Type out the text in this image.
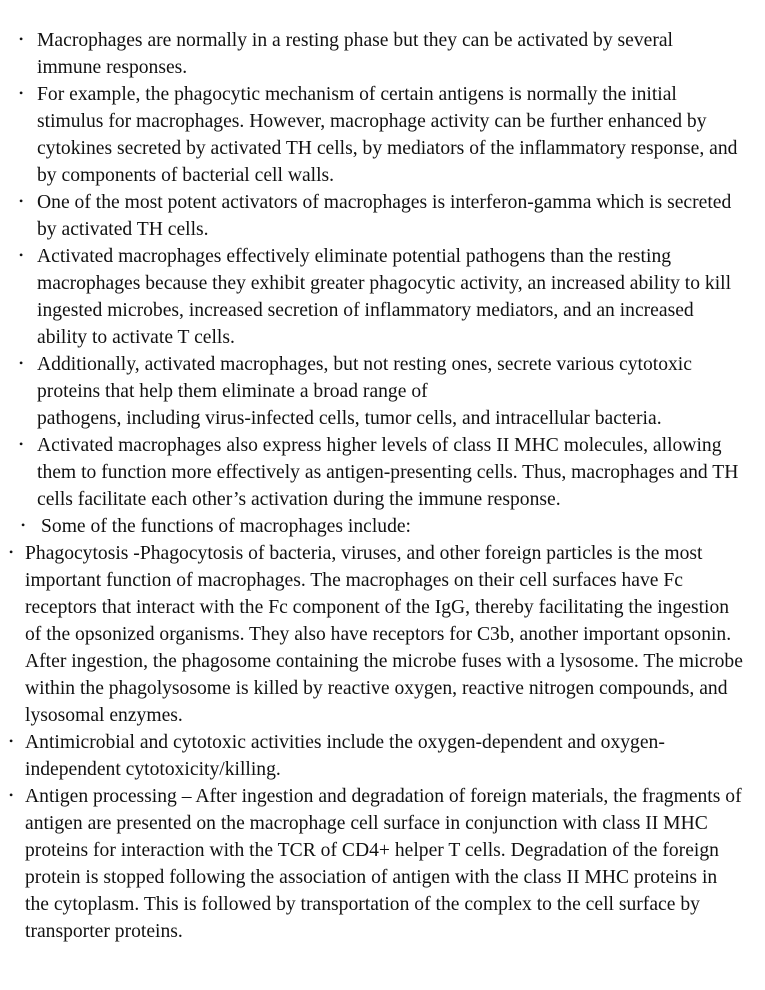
•
Macrophages are normally in a resting phase but they can be activated by several immune responses.
•
For example, the phagocytic mechanism of certain antigens is normally the initial stimulus for macrophages. However, macrophage activity can be further enhanced by cytokines secreted by activated TH cells, by mediators of the inflammatory response, and by components of bacterial cell walls.
•
One of the most potent activators of macrophages is interferon-gamma which is secreted by activated TH cells.
•
Activated macrophages effectively eliminate potential pathogens than the resting macrophages because they exhibit greater phagocytic activity, an increased ability to kill ingested microbes, increased secretion of inflammatory mediators, and an increased ability to activate T cells.
•
Additionally, activated macrophages, but not resting ones, secrete various cytotoxic proteins that help them eliminate a broad range of
pathogens, including virus-infected cells, tumor cells, and intracellular bacteria.
•
Activated macrophages also express higher levels of class II MHC molecules, allowing them to function more effectively as antigen-presenting cells. Thus, macrophages and TH cells facilitate each other’s activation during the immune response.
•
Some of the functions of macrophages include:
•
Phagocytosis -Phagocytosis of bacteria, viruses, and other foreign particles is the most important function of macrophages. The macrophages on their cell surfaces have Fc receptors that interact with the Fc component of the IgG, thereby facilitating the ingestion of the opsonized organisms. They also have receptors for C3b, another important opsonin. After ingestion, the phagosome containing the microbe fuses with a lysosome. The microbe within the phagolysosome is killed by reactive oxygen, reactive nitrogen compounds, and lysosomal enzymes.
•
Antimicrobial and cytotoxic activities include the oxygen-dependent and oxygen-independent cytotoxicity/killing.
•
Antigen processing – After ingestion and degradation of foreign materials, the fragments of antigen are presented on the macrophage cell surface in conjunction with class II MHC proteins for interaction with the TCR of CD4+ helper T cells. Degradation of the foreign protein is stopped following the association of antigen with the class II MHC proteins in the cytoplasm. This is followed by transportation of the complex to the cell surface by transporter proteins.
